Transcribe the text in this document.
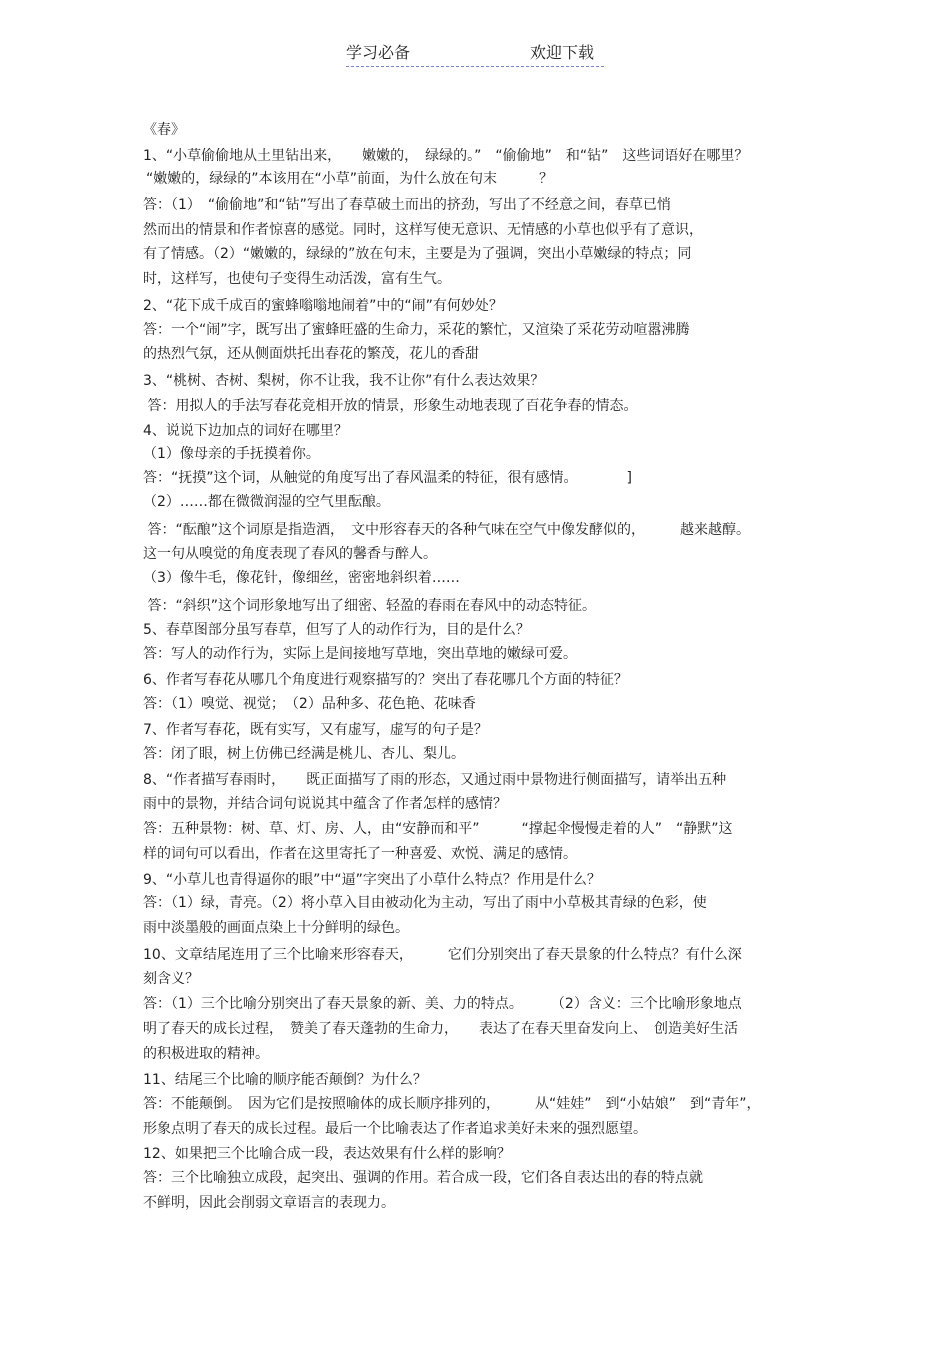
学习必备	欢迎下载
《春》
1、“小草偷偷地从土里钻出来，　　嫩嫩的，　绿绿的。”　“偷偷地”　和“钻”　这些词语好在哪里？
“嫩嫩的，绿绿的”本该用在“小草”前面，为什么放在句末　　　？
答：（1）　“偷偷地”和“钻”写出了春草破土而出的挤劲，写出了不经意之间，春草已悄
然而出的情景和作者惊喜的感觉。同时，这样写使无意识、无情感的小草也似乎有了意识，
有了情感。（2）“嫩嫩的，绿绿的”放在句末，主要是为了强调，突出小草嫩绿的特点；同
时，这样写，也使句子变得生动活泼，富有生气。
2、“花下成千成百的蜜蜂嗡嗡地闹着”中的“闹”有何妙处？
答：一个“闹”字，既写出了蜜蜂旺盛的生命力，采花的繁忙，又渲染了采花劳动喧嚣沸腾
的热烈气氛，还从侧面烘托出春花的繁茂，花儿的香甜
3、“桃树、杏树、梨树，你不让我，我不让你”有什么表达效果？
答：用拟人的手法写春花竞相开放的情景，形象生动地表现了百花争春的情态。
4、说说下边加点的词好在哪里？
（1）像母亲的手抚摸着你。
答：“抚摸”这个词，从触觉的角度写出了春风温柔的特征，很有感情。　　　　]
（2）……都在微微润湿的空气里酝酿。
答：“酝酿”这个词原是指造酒，　文中形容春天的各种气味在空气中像发酵似的，　　　越来越醇。
这一句从嗅觉的角度表现了春风的馨香与醉人。
（3）像牛毛，像花针，像细丝，密密地斜织着……
答：“斜织”这个词形象地写出了细密、轻盈的春雨在春风中的动态特征。
5、春草图部分虽写春草，但写了人的动作行为，目的是什么？
答：写人的动作行为，实际上是间接地写草地，突出草地的嫩绿可爱。
6、作者写春花从哪几个角度进行观察描写的？突出了春花哪几个方面的特征？
答：（1）嗅觉、视觉；　（2）品种多、花色艳、花味香
7、作者写春花，既有实写，又有虚写，虚写的句子是？
答：闭了眼，树上仿佛已经满是桃儿、杏儿、梨儿。
8、“作者描写春雨时，　　既正面描写了雨的形态，又通过雨中景物进行侧面描写，请举出五种
雨中的景物，并结合词句说说其中蕴含了作者怎样的感情？
答：五种景物：树、草、灯、房、人，由“安静而和平”　　　“撑起伞慢慢走着的人”　“静默”这
样的词句可以看出，作者在这里寄托了一种喜爱、欢悦、满足的感情。
9、“小草儿也青得逼你的眼”中“逼”字突出了小草什么特点？作用是什么？
答：（1）绿，青亮。（2）将小草入目由被动化为主动，写出了雨中小草极其青绿的色彩，使
雨中淡墨般的画面点染上十分鲜明的绿色。
10、文章结尾连用了三个比喻来形容春天，　　　它们分别突出了春天景象的什么特点？有什么深
刻含义？
答：（1）三个比喻分别突出了春天景象的新、美、力的特点。　　　（2）含义：三个比喻形象地点
明了春天的成长过程，　赞美了春天蓬勃的生命力，　　表达了在春天里奋发向上、　创造美好生活
的积极进取的精神。
11、结尾三个比喻的顺序能否颠倒？为什么？
答：不能颠倒。　因为它们是按照喻体的成长顺序排列的，　　　从“娃娃”　到“小姑娘”　到“青年”，
形象点明了春天的成长过程。最后一个比喻表达了作者追求美好未来的强烈愿望。
12、如果把三个比喻合成一段，表达效果有什么样的影响？
答：三个比喻独立成段，起突出、强调的作用。若合成一段，它们各自表达出的春的特点就
不鲜明，因此会削弱文章语言的表现力。
